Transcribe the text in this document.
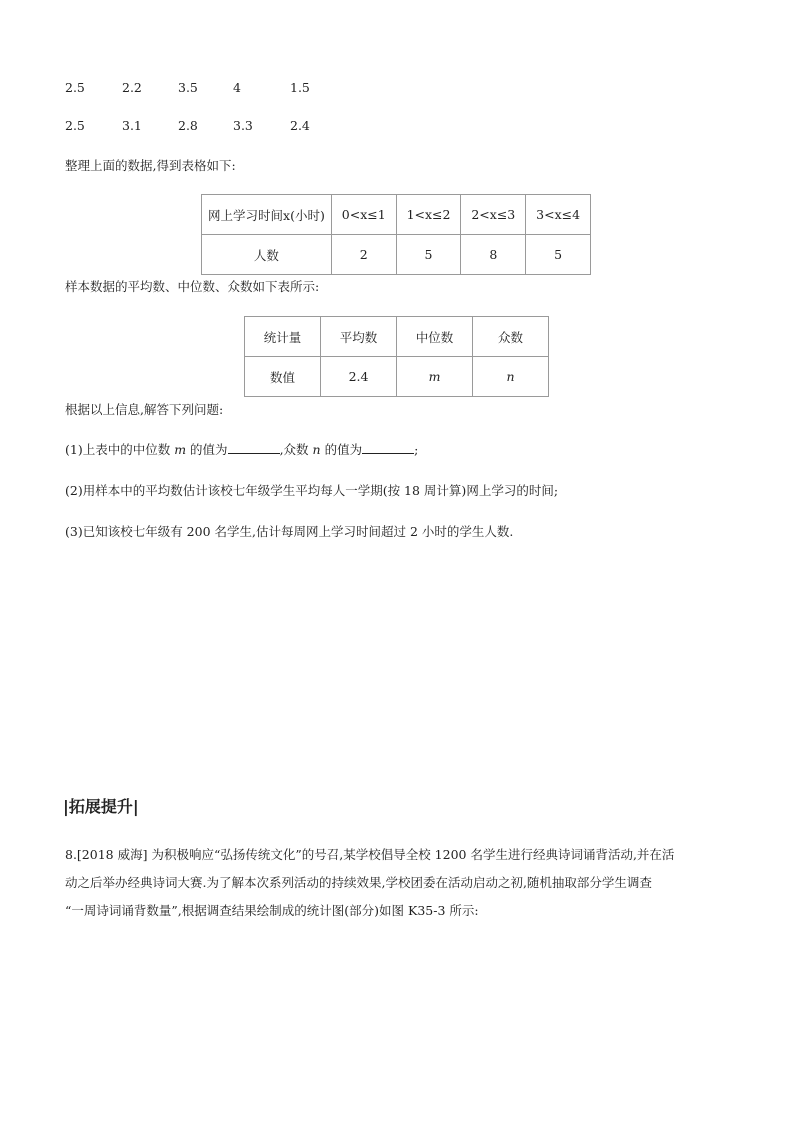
2.5	2.2	3.5	4	1.5
2.5	3.1	2.8	3.3	2.4
整理上面的数据,得到表格如下:
网上学习时间x(小时)	0<x≤1	1<x≤2	2<x≤3	3<x≤4
人数	2	5	8	5
样本数据的平均数、中位数、众数如下表所示:
统计量	平均数	中位数	众数
数值	2.4	m	n
根据以上信息,解答下列问题:
(1)上表中的中位数 m 的值为	,众数 n 的值为	;
(2)用样本中的平均数估计该校七年级学生平均每人一学期(按 18 周计算)网上学习的时间;
(3)已知该校七年级有 200 名学生,估计每周网上学习时间超过 2 小时的学生人数.
|拓展提升|
8.[2018 威海] 为积极响应“弘扬传统文化”的号召,某学校倡导全校 1200 名学生进行经典诗词诵背活动,并在活
动之后举办经典诗词大赛.为了解本次系列活动的持续效果,学校团委在活动启动之初,随机抽取部分学生调查
“一周诗词诵背数量”,根据调查结果绘制成的统计图(部分)如图 K35-3 所示:
